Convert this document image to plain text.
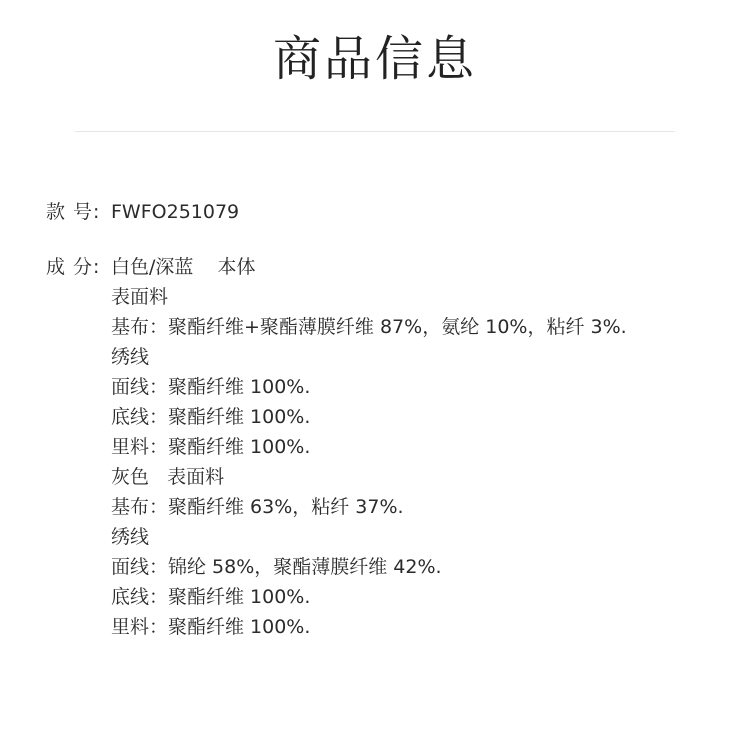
商品信息
款 号: FWFO251079
成 分: 白色/深蓝    本体
表面料
基布：聚酯纤维+聚酯薄膜纤维 87%，氨纶 10%，粘纤 3%.
绣线
面线：聚酯纤维 100%.
底线：聚酯纤维 100%.
里料：聚酯纤维 100%.
灰色   表面料
基布：聚酯纤维 63%，粘纤 37%.
绣线
面线：锦纶 58%，聚酯薄膜纤维 42%.
底线：聚酯纤维 100%.
里料：聚酯纤维 100%.
